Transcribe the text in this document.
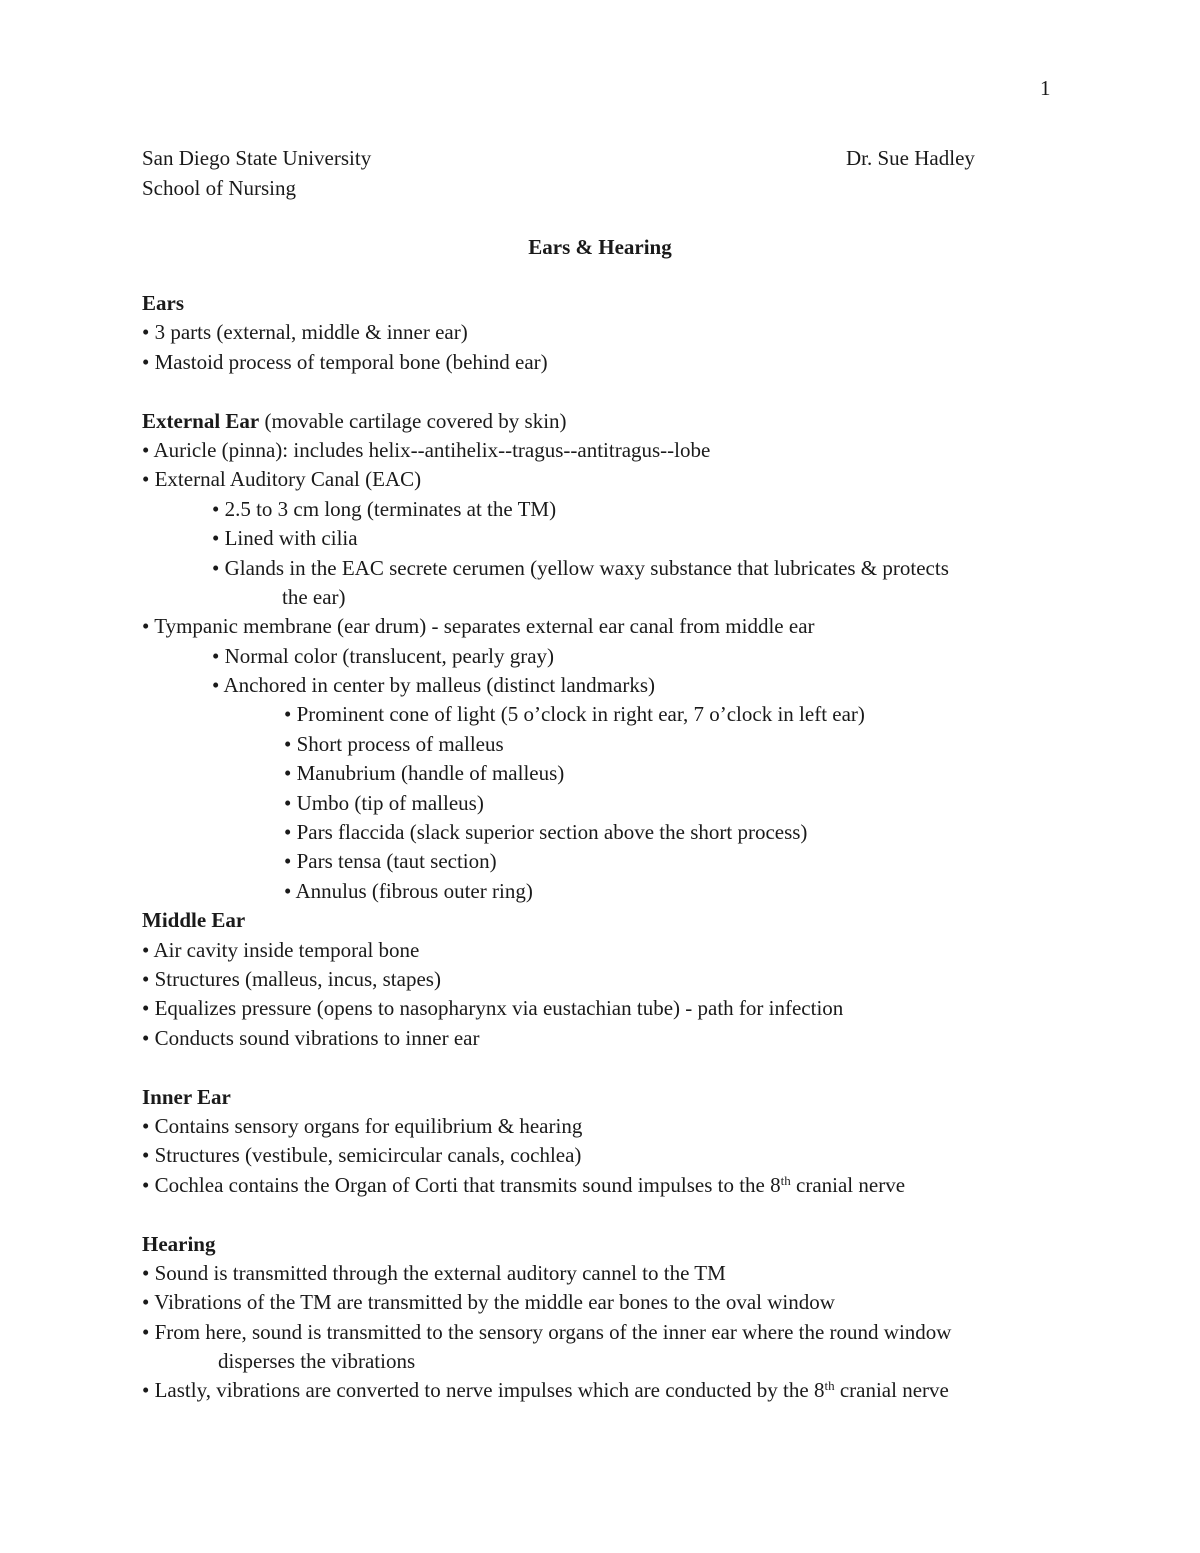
1
San Diego State University
School of Nursing
Dr. Sue Hadley
Ears & Hearing
Ears
• 3 parts (external, middle & inner ear)
• Mastoid process of temporal bone (behind ear)
External Ear (movable cartilage covered by skin)
• Auricle (pinna): includes helix--antihelix--tragus--antitragus--lobe
• External Auditory Canal (EAC)
• 2.5 to 3 cm long (terminates at the TM)
• Lined with cilia
• Glands in the EAC secrete cerumen (yellow waxy substance that lubricates & protects
the ear)
• Tympanic membrane (ear drum) - separates external ear canal from middle ear
• Normal color (translucent, pearly gray)
• Anchored in center by malleus (distinct landmarks)
• Prominent cone of light (5 o’clock in right ear, 7 o’clock in left ear)
• Short process of malleus
• Manubrium (handle of malleus)
• Umbo (tip of malleus)
• Pars flaccida (slack superior section above the short process)
• Pars tensa (taut section)
• Annulus (fibrous outer ring)
Middle Ear
• Air cavity inside temporal bone
• Structures (malleus, incus, stapes)
• Equalizes pressure (opens to nasopharynx via eustachian tube) - path for infection
• Conducts sound vibrations to inner ear
Inner Ear
• Contains sensory organs for equilibrium & hearing
• Structures (vestibule, semicircular canals, cochlea)
• Cochlea contains the Organ of Corti that transmits sound impulses to the 8th cranial nerve
Hearing
• Sound is transmitted through the external auditory cannel to the TM
• Vibrations of the TM are transmitted by the middle ear bones to the oval window
• From here, sound is transmitted to the sensory organs of the inner ear where the round window
disperses the vibrations
• Lastly, vibrations are converted to nerve impulses which are conducted by the 8th cranial nerve
